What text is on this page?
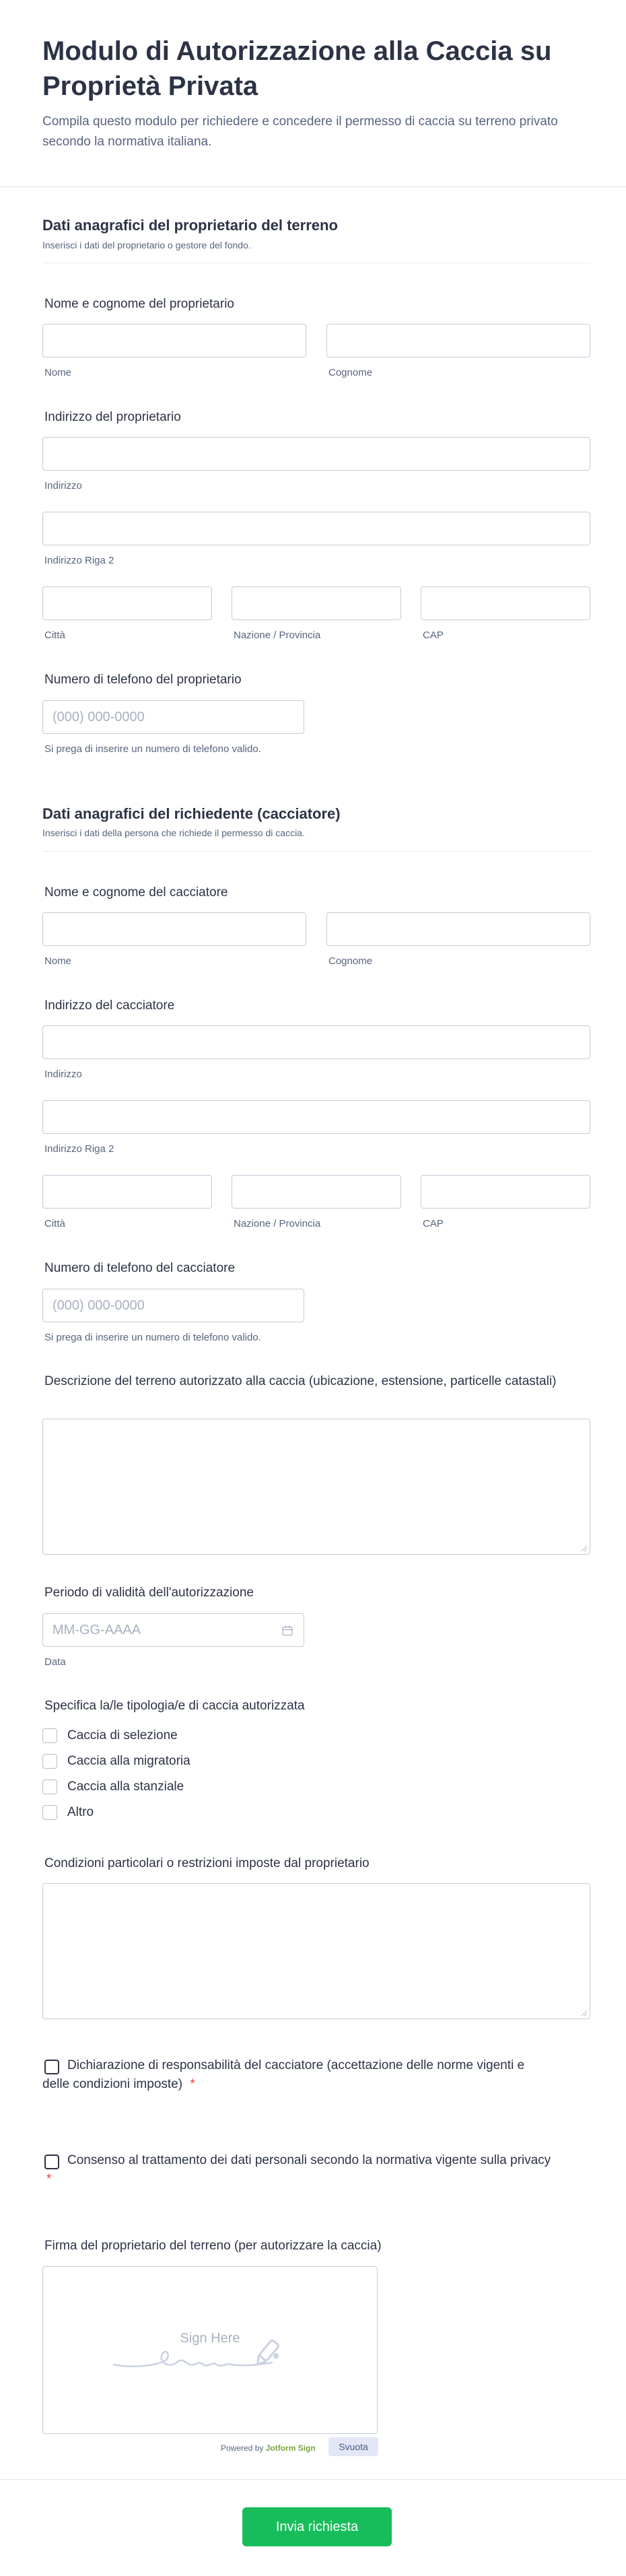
Modulo di Autorizzazione alla Caccia su Proprietà Privata
Compila questo modulo per richiedere e concedere il permesso di caccia su terreno privato secondo la normativa italiana.
Dati anagrafici del proprietario del terreno
Inserisci i dati del proprietario o gestore del fondo.
Nome e cognome del proprietario
Nome	Cognome
Indirizzo del proprietario
Indirizzo
Indirizzo Riga 2
Città	Nazione / Provincia	CAP
Numero di telefono del proprietario
(000) 000-0000
Si prega di inserire un numero di telefono valido.
Dati anagrafici del richiedente (cacciatore)
Inserisci i dati della persona che richiede il permesso di caccia.
Nome e cognome del cacciatore
Nome	Cognome
Indirizzo del cacciatore
Indirizzo
Indirizzo Riga 2
Città	Nazione / Provincia	CAP
Numero di telefono del cacciatore
(000) 000-0000
Si prega di inserire un numero di telefono valido.
Descrizione del terreno autorizzato alla caccia (ubicazione, estensione, particelle catastali)
Periodo di validità dell'autorizzazione
MM-GG-AAAA
Data
Specifica la/le tipologia/e di caccia autorizzata
Caccia di selezione
Caccia alla migratoria
Caccia alla stanziale
Altro
Condizioni particolari o restrizioni imposte dal proprietario
Dichiarazione di responsabilità del cacciatore (accettazione delle norme vigenti e delle condizioni imposte) *
Consenso al trattamento dei dati personali secondo la normativa vigente sulla privacy *
Firma del proprietario del terreno (per autorizzare la caccia)
Sign Here
Powered by Jotform Sign	Svuota
Invia richiesta
